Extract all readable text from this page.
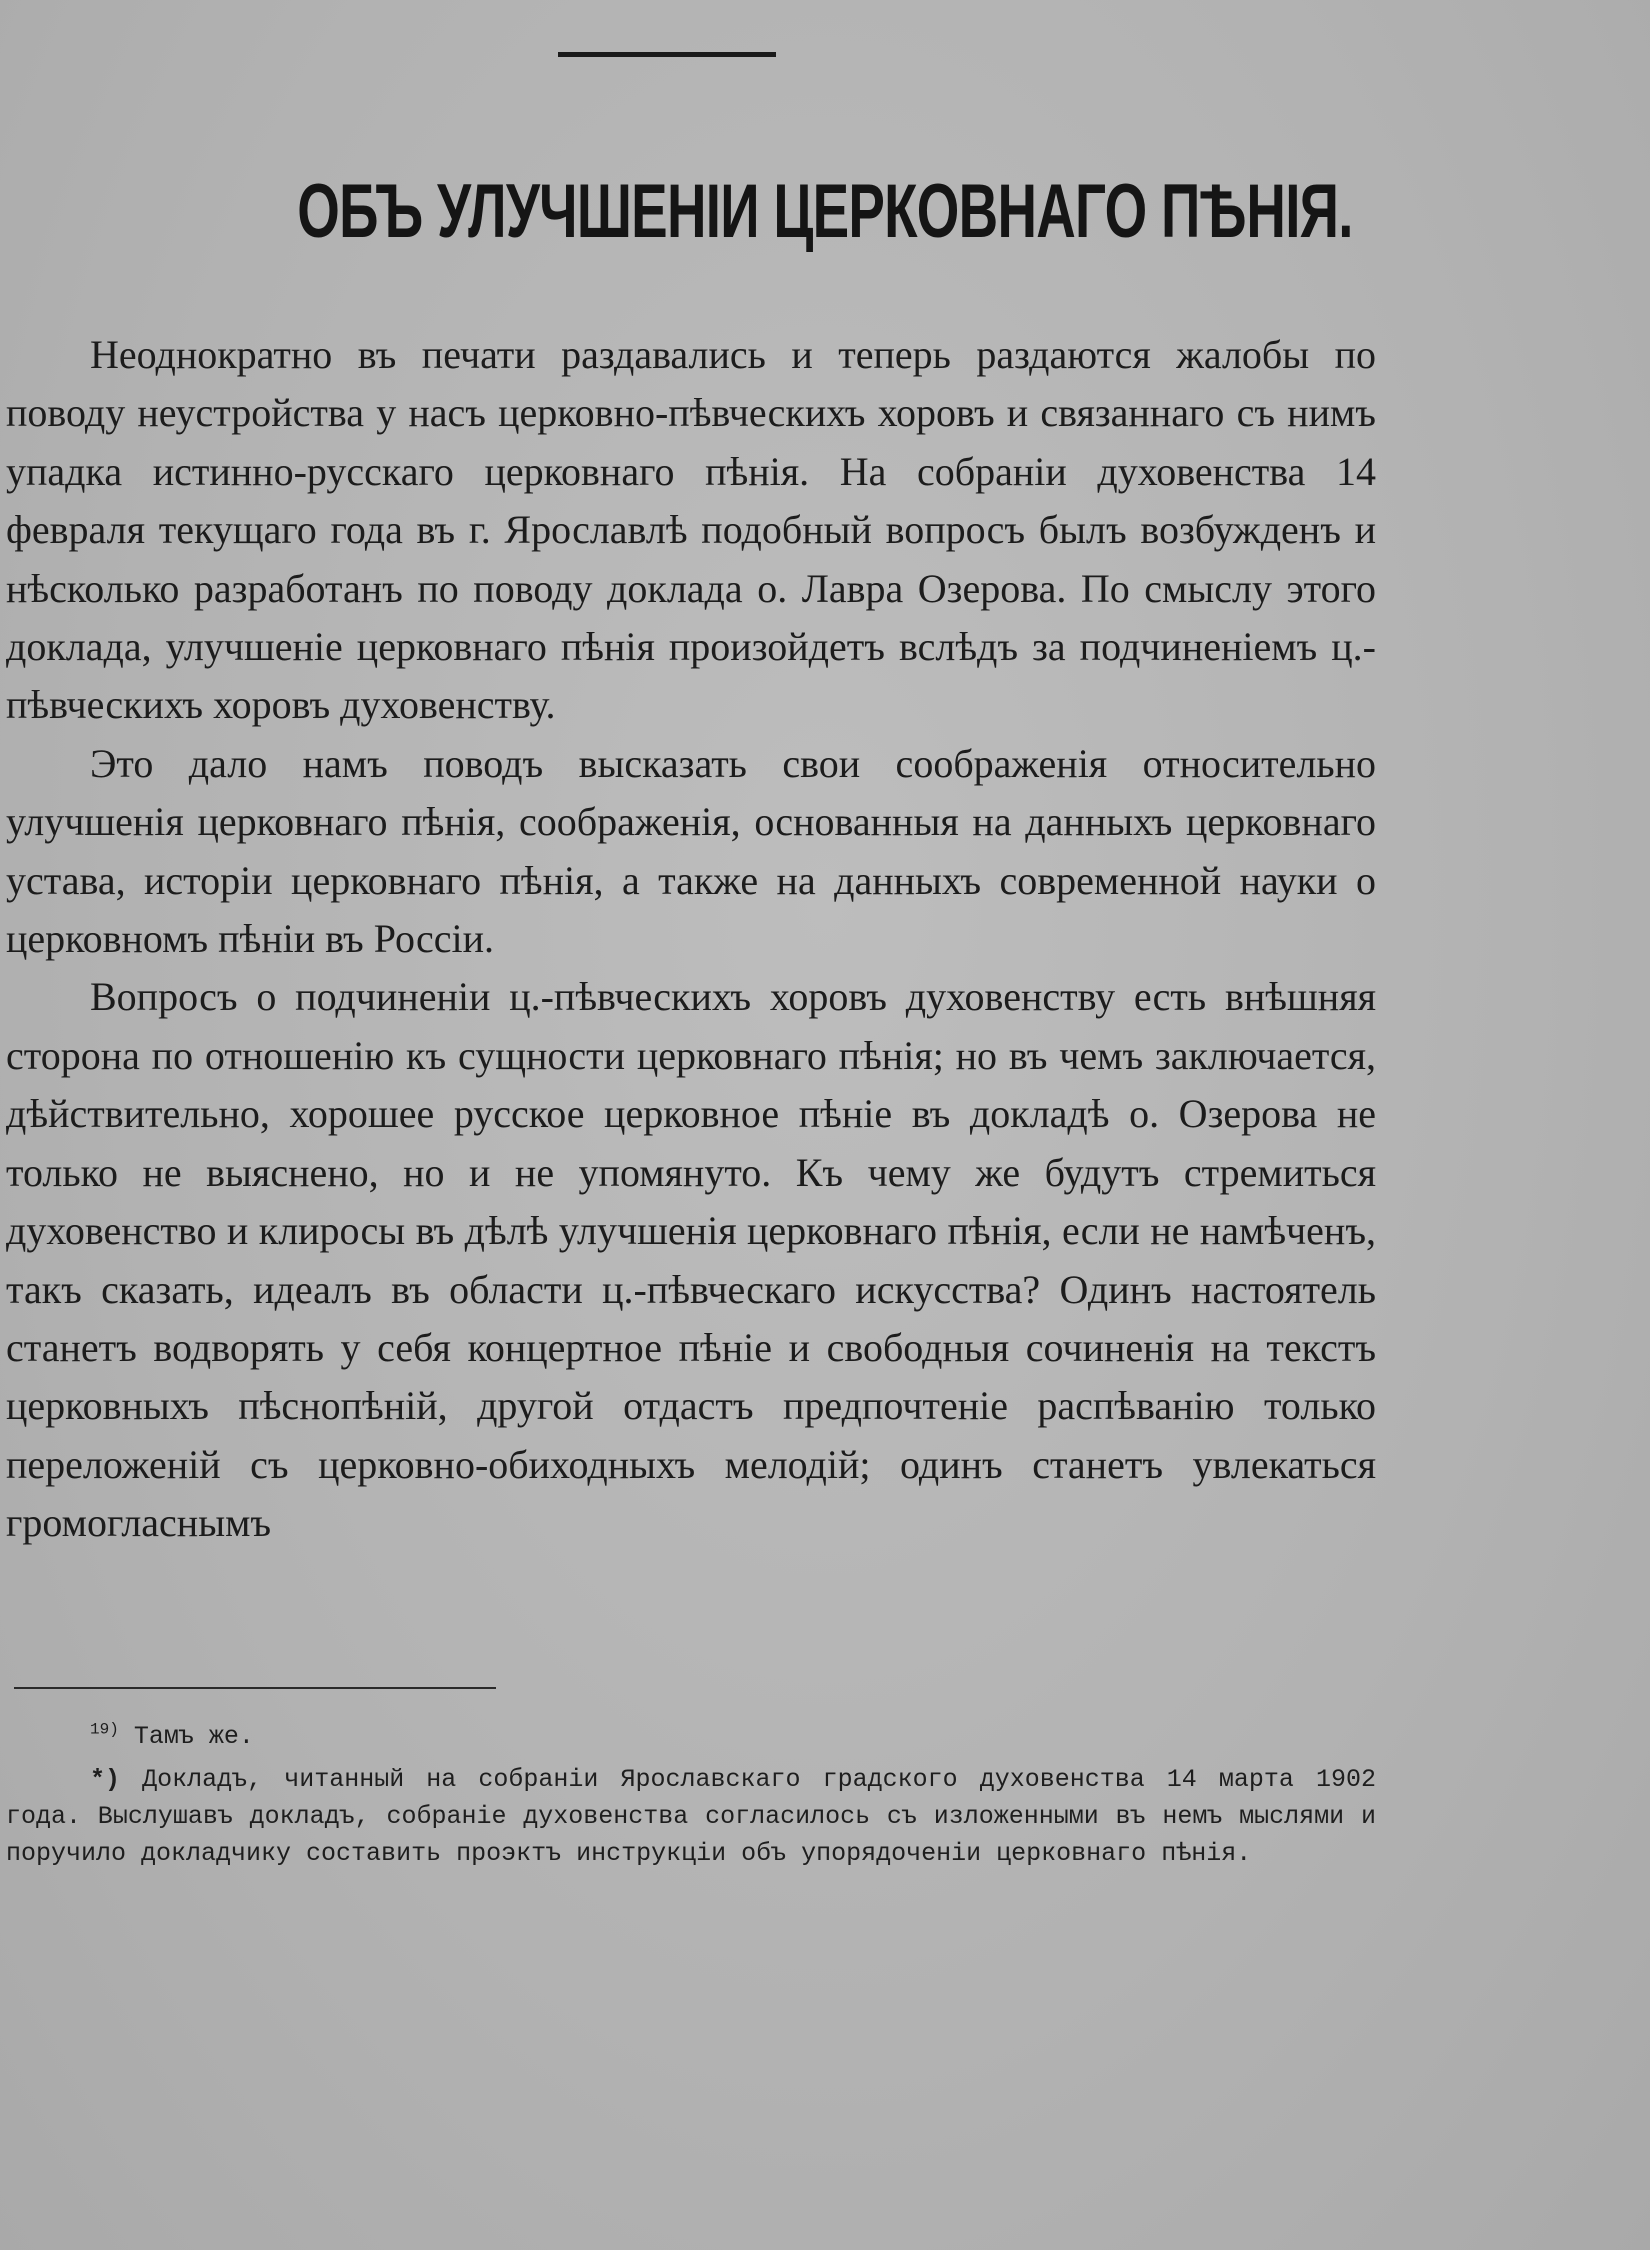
ОБЪ УЛУЧШЕНІИ ЦЕРКОВНАГО ПѢНІЯ.

Неоднократно въ печати раздавались и теперь раздаются жалобы по поводу неустройства у насъ церковно-пѣвческихъ хоровъ и связаннаго съ нимъ упадка истинно-русскаго церковнаго пѣнія. На собраніи духовенства 14 февраля текущаго года въ г. Ярославлѣ подобный вопросъ былъ возбужденъ и нѣсколько разработанъ по поводу доклада о. Лавра Озерова. По смыслу этого доклада, улучшеніе церковнаго пѣнія произойдетъ вслѣдъ за подчиненіемъ ц.-пѣвческихъ хоровъ духовенству.

Это дало намъ поводъ высказать свои соображенія относительно улучшенія церковнаго пѣнія, соображенія, основанныя на данныхъ церковнаго устава, исторіи церковнаго пѣнія, а также на данныхъ современной науки о церковномъ пѣніи въ Россіи.

Вопросъ о подчиненіи ц.-пѣвческихъ хоровъ духовенству есть внѣшняя сторона по отношенію къ сущности церковнаго пѣнія; но въ чемъ заключается, дѣйствительно, хорошее русское церковное пѣніе въ докладѣ о. Озерова не только не выяснено, но и не упомянуто. Къ чему же будутъ стремиться духовенство и клиросы въ дѣлѣ улучшенія церковнаго пѣнія, если не намѣченъ, такъ сказать, идеалъ въ области ц.-пѣвческаго искусства? Одинъ настоятель станетъ водворять у себя концертное пѣніе и свободныя сочиненія на текстъ церковныхъ пѣснопѣній, другой отдастъ предпочтеніе распѣванію только переложеній съ церковно-обиходныхъ мелодій; одинъ станетъ увлекаться громогласнымъ

$^{19)}$ Тамъ же.

*) Докладъ, читанный на собраніи Ярославскаго градского духовенства 14 марта 1902 года. Выслушавъ докладъ, собраніе духовенства согласилось съ изложенными въ немъ мыслями и поручило докладчику составить проэктъ инструкціи объ упорядоченіи церковнаго пѣнія.
